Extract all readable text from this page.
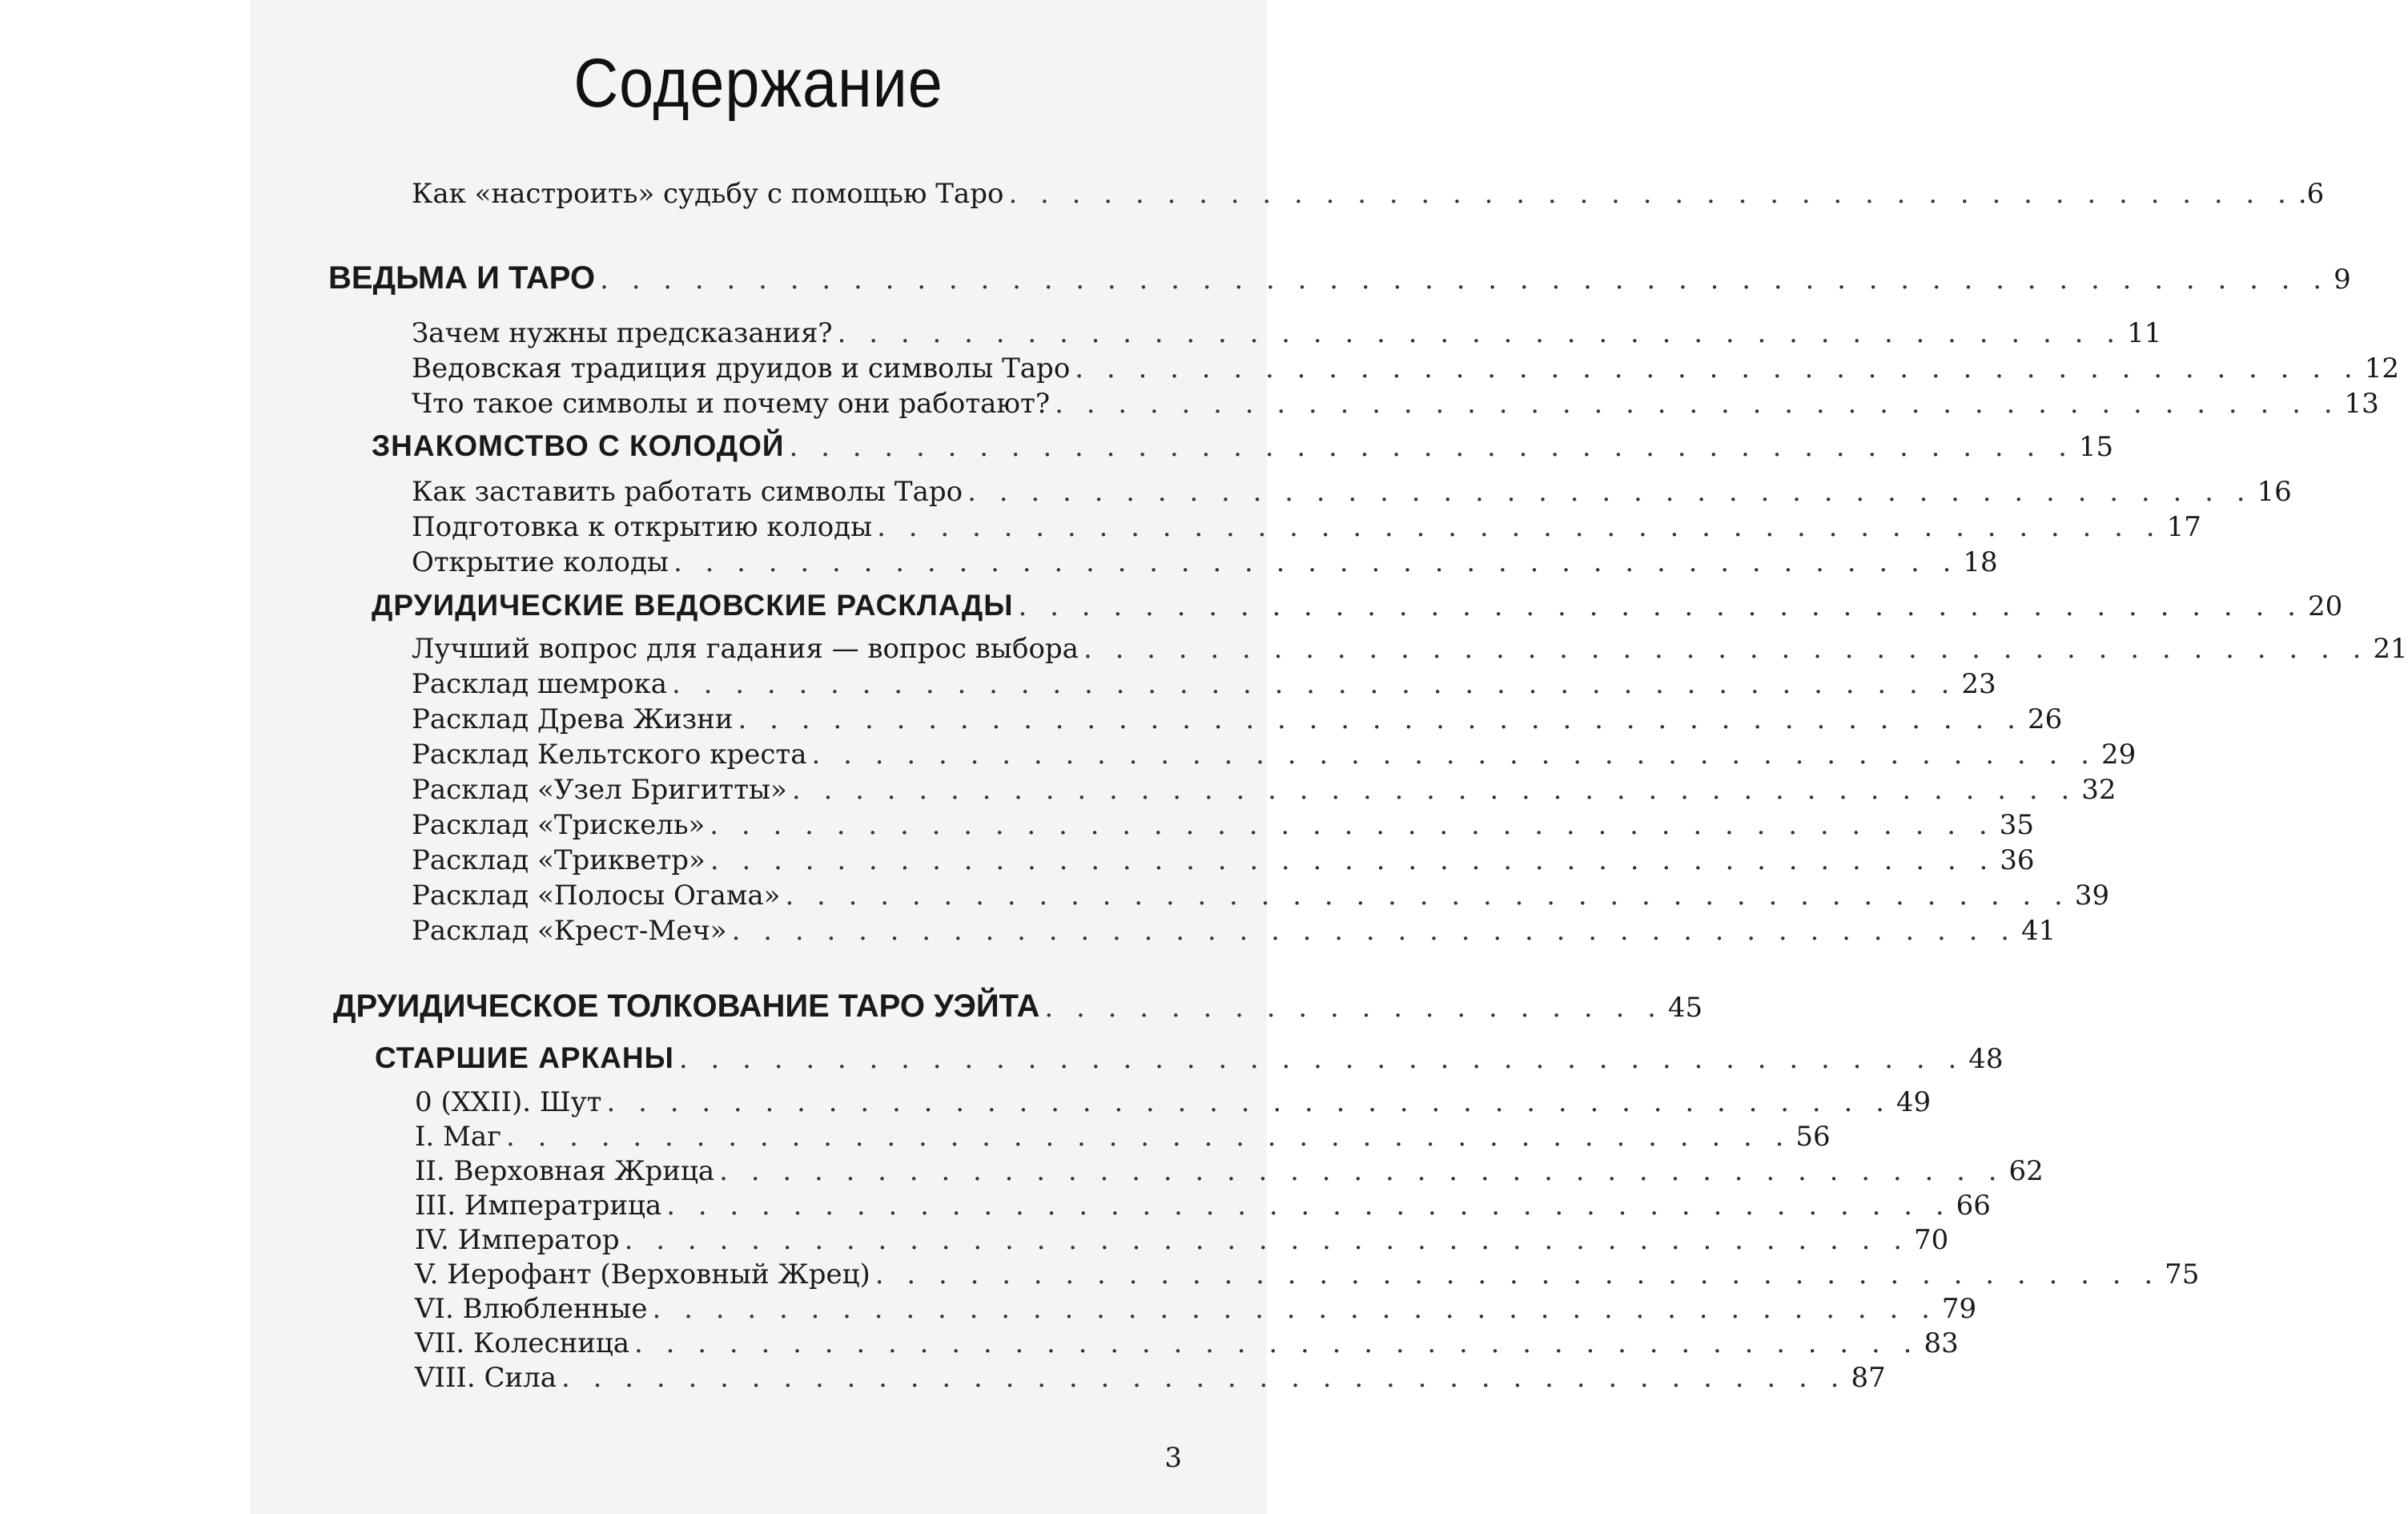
Содержание
Как «настроить» судьбу с помощью Таро . . . . . . . . . . . . . . . . . . . . . . . . . . . . . . . . . . . . . . . . . .6
ВЕДЬМА И ТАРО . . . . . . . . . . . . . . . . . . . . . . . . . . . . . . . . . . . . . . . . . . . . . . . . . . . . . . . 9
Зачем нужны предсказания? . . . . . . . . . . . . . . . . . . . . . . . . . . . . . . . . . . . . . . . . . 11
Ведовская традиция друидов и символы Таро . . . . . . . . . . . . . . . . . . . . . . . . . . . . . . . . . . . . . . . . . 12
Что такое символы и почему они работают? . . . . . . . . . . . . . . . . . . . . . . . . . . . . . . . . . . . . . . . . . 13
ЗНАКОМСТВО С КОЛОДОЙ . . . . . . . . . . . . . . . . . . . . . . . . . . . . . . . . . . . . . . . . . 15
Как заставить работать символы Таро . . . . . . . . . . . . . . . . . . . . . . . . . . . . . . . . . . . . . . . . . 16
Подготовка к открытию колоды . . . . . . . . . . . . . . . . . . . . . . . . . . . . . . . . . . . . . . . . . 17
Открытие колоды . . . . . . . . . . . . . . . . . . . . . . . . . . . . . . . . . . . . . . . . . 18
ДРУИДИЧЕСКИЕ ВЕДОВСКИЕ РАСКЛАДЫ . . . . . . . . . . . . . . . . . . . . . . . . . . . . . . . . . . . . . . . . . 20
Лучший вопрос для гадания — вопрос выбора . . . . . . . . . . . . . . . . . . . . . . . . . . . . . . . . . . . . . . . . . 21
Расклад шемрока . . . . . . . . . . . . . . . . . . . . . . . . . . . . . . . . . . . . . . . . . 23
Расклад Древа Жизни . . . . . . . . . . . . . . . . . . . . . . . . . . . . . . . . . . . . . . . . . 26
Расклад Кельтского креста . . . . . . . . . . . . . . . . . . . . . . . . . . . . . . . . . . . . . . . . . 29
Расклад «Узел Бригитты» . . . . . . . . . . . . . . . . . . . . . . . . . . . . . . . . . . . . . . . . . 32
Расклад «Трискель» . . . . . . . . . . . . . . . . . . . . . . . . . . . . . . . . . . . . . . . . . 35
Расклад «Трикветр» . . . . . . . . . . . . . . . . . . . . . . . . . . . . . . . . . . . . . . . . . 36
Расклад «Полосы Огама» . . . . . . . . . . . . . . . . . . . . . . . . . . . . . . . . . . . . . . . . . 39
Расклад «Крест-Меч» . . . . . . . . . . . . . . . . . . . . . . . . . . . . . . . . . . . . . . . . . 41
ДРУИДИЧЕСКОЕ ТОЛКОВАНИЕ ТАРО УЭЙТА . . . . . . . . . . . . . . . . . . . . 45
СТАРШИЕ АРКАНЫ . . . . . . . . . . . . . . . . . . . . . . . . . . . . . . . . . . . . . . . . . 48
0 (XXII). Шут . . . . . . . . . . . . . . . . . . . . . . . . . . . . . . . . . . . . . . . . . 49
I. Маг . . . . . . . . . . . . . . . . . . . . . . . . . . . . . . . . . . . . . . . . . 56
II. Верховная Жрица . . . . . . . . . . . . . . . . . . . . . . . . . . . . . . . . . . . . . . . . . 62
III. Императрица . . . . . . . . . . . . . . . . . . . . . . . . . . . . . . . . . . . . . . . . . 66
IV. Император . . . . . . . . . . . . . . . . . . . . . . . . . . . . . . . . . . . . . . . . . 70
V. Иерофант (Верховный Жрец) . . . . . . . . . . . . . . . . . . . . . . . . . . . . . . . . . . . . . . . . . 75
VI. Влюбленные . . . . . . . . . . . . . . . . . . . . . . . . . . . . . . . . . . . . . . . . . 79
VII. Колесница . . . . . . . . . . . . . . . . . . . . . . . . . . . . . . . . . . . . . . . . . 83
VIII. Сила . . . . . . . . . . . . . . . . . . . . . . . . . . . . . . . . . . . . . . . . . 87
3
